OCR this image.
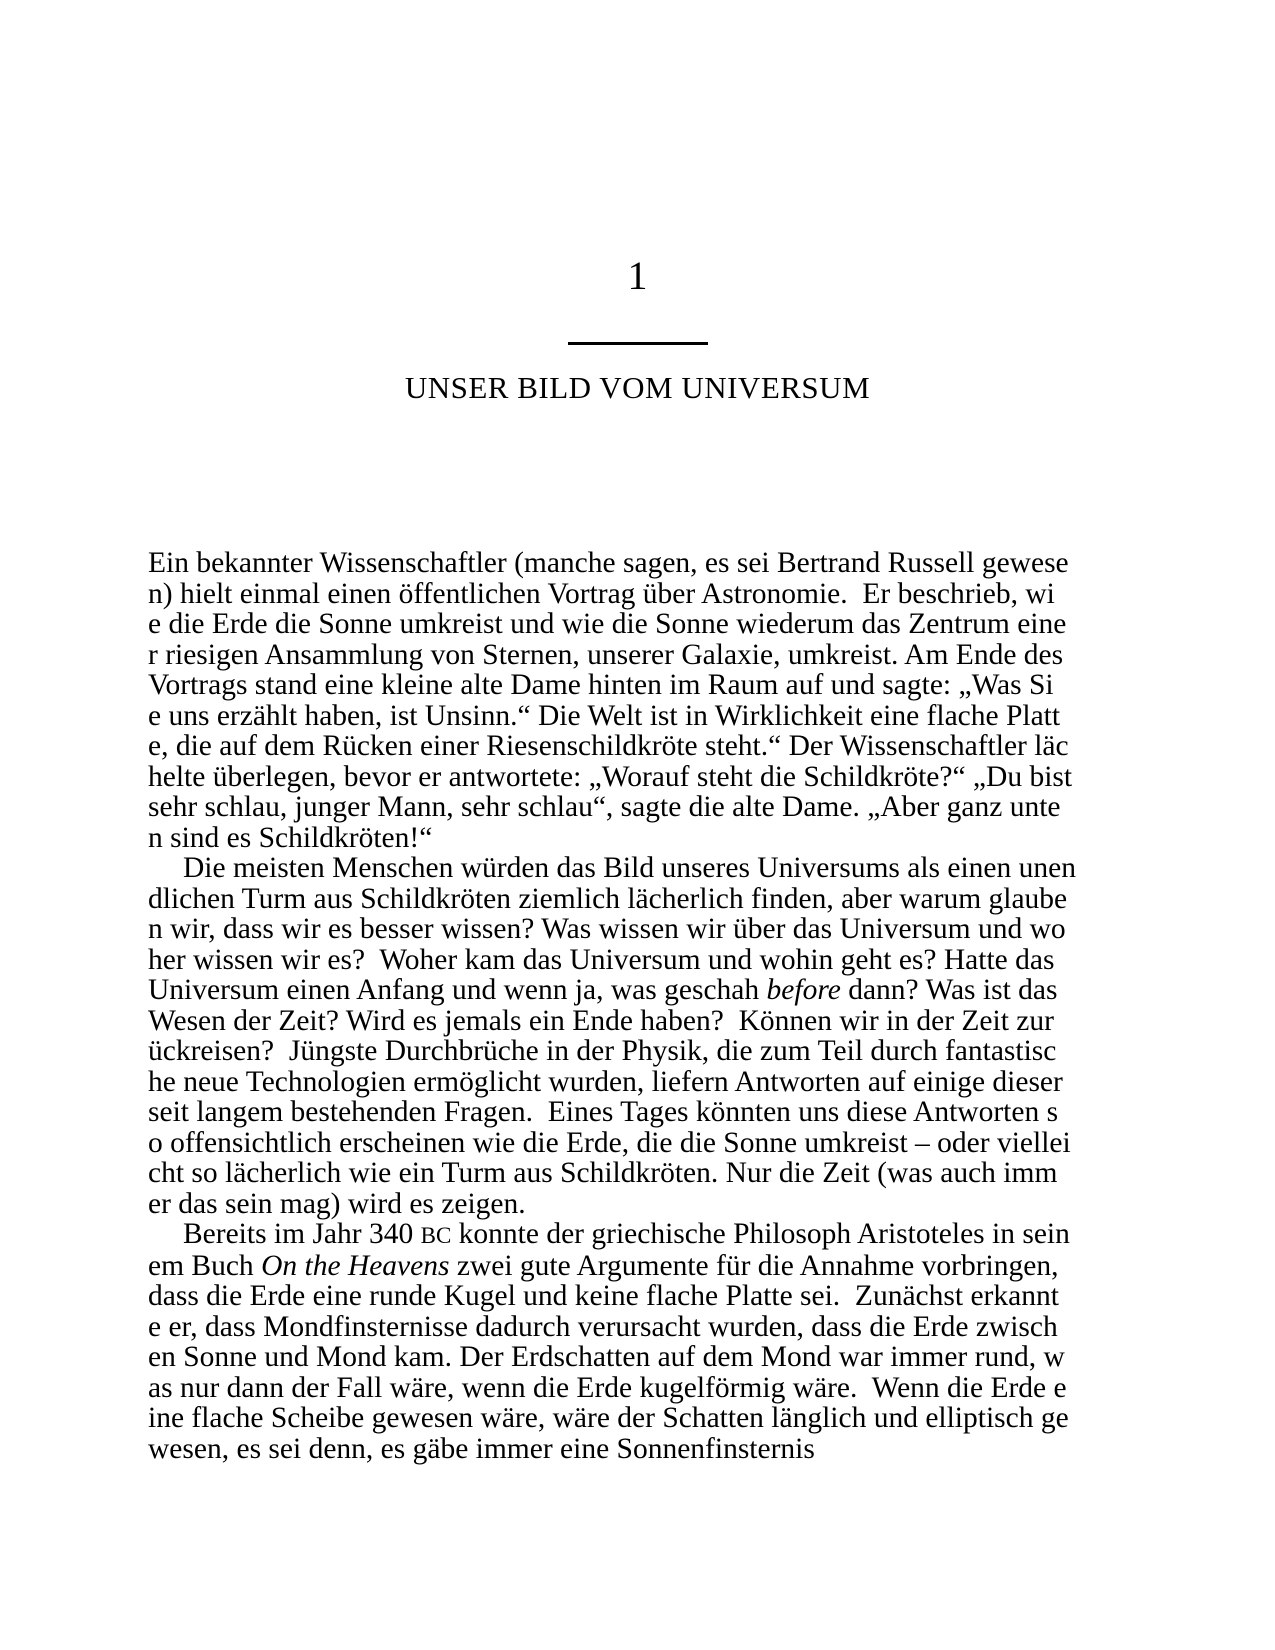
1
UNSER BILD VOM UNIVERSUM
Ein bekannter Wissenschaftler (manche sagen, es sei Bertrand Russell gewese
n) hielt einmal einen öffentlichen Vortrag über Astronomie.  Er beschrieb, wi
e die Erde die Sonne umkreist und wie die Sonne wiederum das Zentrum eine
r riesigen Ansammlung von Sternen, unserer Galaxie, umkreist. Am Ende des
Vortrags stand eine kleine alte Dame hinten im Raum auf und sagte: „Was Si
e uns erzählt haben, ist Unsinn.“ Die Welt ist in Wirklichkeit eine flache Platt
e, die auf dem Rücken einer Riesenschildkröte steht.“ Der Wissenschaftler läc
helte überlegen, bevor er antwortete: „Worauf steht die Schildkröte?“ „Du bist
sehr schlau, junger Mann, sehr schlau“, sagte die alte Dame. „Aber ganz unte
n sind es Schildkröten!“
Die meisten Menschen würden das Bild unseres Universums als einen unen
dlichen Turm aus Schildkröten ziemlich lächerlich finden, aber warum glaube
n wir, dass wir es besser wissen? Was wissen wir über das Universum und wo
her wissen wir es?  Woher kam das Universum und wohin geht es? Hatte das
Universum einen Anfang und wenn ja, was geschah before dann? Was ist das
Wesen der Zeit? Wird es jemals ein Ende haben?  Können wir in der Zeit zur
ückreisen?  Jüngste Durchbrüche in der Physik, die zum Teil durch fantastisc
he neue Technologien ermöglicht wurden, liefern Antworten auf einige dieser
seit langem bestehenden Fragen.  Eines Tages könnten uns diese Antworten s
o offensichtlich erscheinen wie die Erde, die die Sonne umkreist – oder viellei
cht so lächerlich wie ein Turm aus Schildkröten. Nur die Zeit (was auch imm
er das sein mag) wird es zeigen.
Bereits im Jahr 340 BC konnte der griechische Philosoph Aristoteles in sein
em Buch On the Heavens zwei gute Argumente für die Annahme vorbringen,
dass die Erde eine runde Kugel und keine flache Platte sei.  Zunächst erkannt
e er, dass Mondfinsternisse dadurch verursacht wurden, dass die Erde zwisch
en Sonne und Mond kam. Der Erdschatten auf dem Mond war immer rund, w
as nur dann der Fall wäre, wenn die Erde kugelförmig wäre.  Wenn die Erde e
ine flache Scheibe gewesen wäre, wäre der Schatten länglich und elliptisch ge
wesen, es sei denn, es gäbe immer eine Sonnenfinsternis
